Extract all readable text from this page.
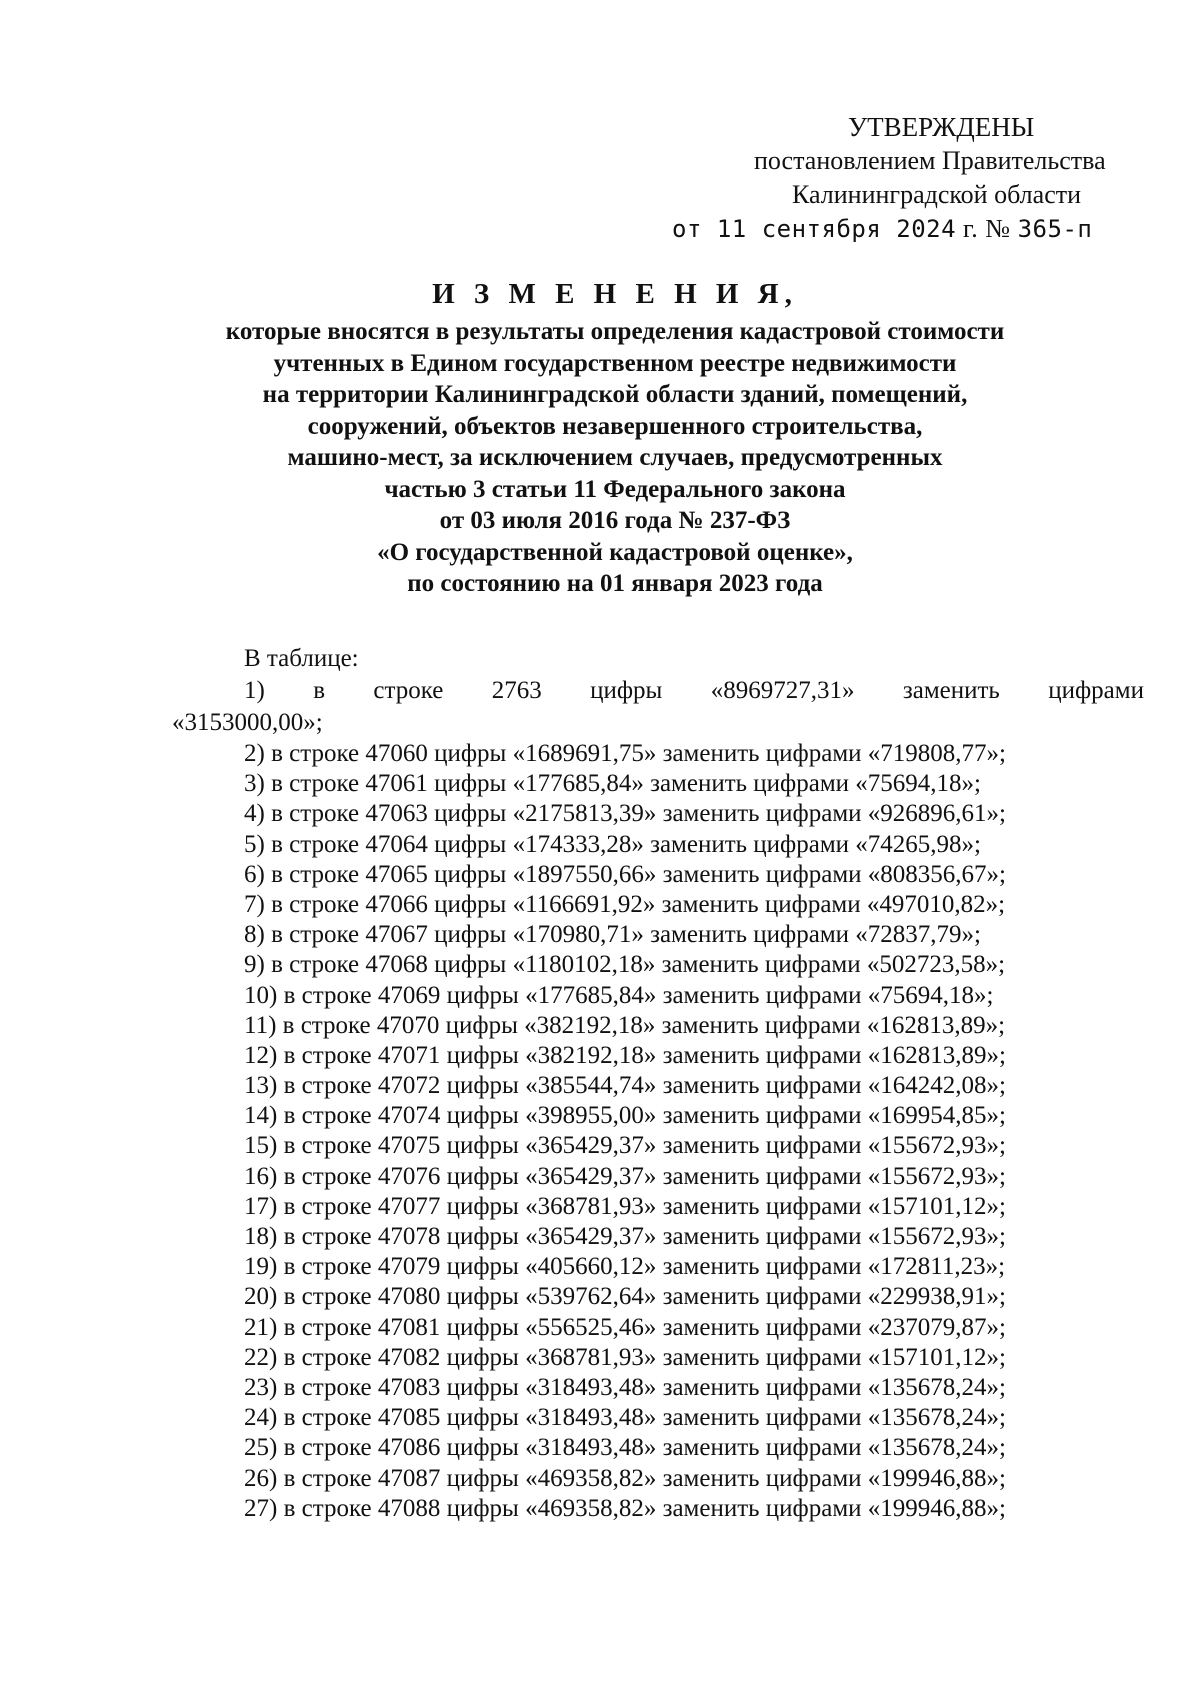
УТВЕРЖДЕНЫ
постановлением Правительства
Калининградской области
от 11 сентября 2024 г. № 365-п
И З М Е Н Е Н И Я,
которые вносятся в результаты определения кадастровой стоимости
учтенных в Едином государственном реестре недвижимости
на территории Калининградской области зданий, помещений,
сооружений, объектов незавершенного строительства,
машино-мест, за исключением случаев, предусмотренных
частью 3 статьи 11 Федерального закона
от 03 июля 2016 года № 237-ФЗ
«О государственной кадастровой оценке»,
по состоянию на 01 января 2023 года
В таблице:
1) в строке 2763 цифры «8969727,31» заменить цифрами
«3153000,00»;
2) в строке 47060 цифры «1689691,75» заменить цифрами «719808,77»;
3) в строке 47061 цифры «177685,84» заменить цифрами «75694,18»;
4) в строке 47063 цифры «2175813,39» заменить цифрами «926896,61»;
5) в строке 47064 цифры «174333,28» заменить цифрами «74265,98»;
6) в строке 47065 цифры «1897550,66» заменить цифрами «808356,67»;
7) в строке 47066 цифры «1166691,92» заменить цифрами «497010,82»;
8) в строке 47067 цифры «170980,71» заменить цифрами «72837,79»;
9) в строке 47068 цифры «1180102,18» заменить цифрами «502723,58»;
10) в строке 47069 цифры «177685,84» заменить цифрами «75694,18»;
11) в строке 47070 цифры «382192,18» заменить цифрами «162813,89»;
12) в строке 47071 цифры «382192,18» заменить цифрами «162813,89»;
13) в строке 47072 цифры «385544,74» заменить цифрами «164242,08»;
14) в строке 47074 цифры «398955,00» заменить цифрами «169954,85»;
15) в строке 47075 цифры «365429,37» заменить цифрами «155672,93»;
16) в строке 47076 цифры «365429,37» заменить цифрами «155672,93»;
17) в строке 47077 цифры «368781,93» заменить цифрами «157101,12»;
18) в строке 47078 цифры «365429,37» заменить цифрами «155672,93»;
19) в строке 47079 цифры «405660,12» заменить цифрами «172811,23»;
20) в строке 47080 цифры «539762,64» заменить цифрами «229938,91»;
21) в строке 47081 цифры «556525,46» заменить цифрами «237079,87»;
22) в строке 47082 цифры «368781,93» заменить цифрами «157101,12»;
23) в строке 47083 цифры «318493,48» заменить цифрами «135678,24»;
24) в строке 47085 цифры «318493,48» заменить цифрами «135678,24»;
25) в строке 47086 цифры «318493,48» заменить цифрами «135678,24»;
26) в строке 47087 цифры «469358,82» заменить цифрами «199946,88»;
27) в строке 47088 цифры «469358,82» заменить цифрами «199946,88»;
